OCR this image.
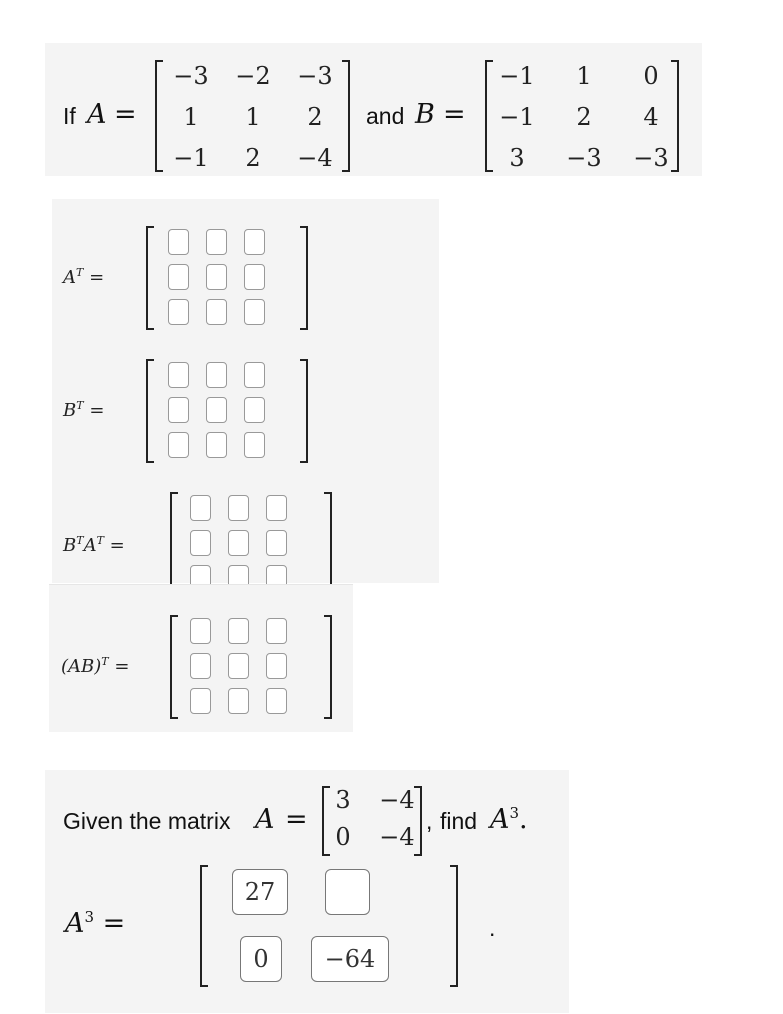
If A =
−3 −2 −3
1	1	2
−1	2	−4
and B =
−1	1	0
−1	2	4
3	−3 −3
$A^T$ =
$B^T$ =
$B^TA^T$ =
(AB)$^T$ =
Given the matrix A =
3	−4
0	−4
, find $A^3$.
$A^3$ =
27
0	−64
.
